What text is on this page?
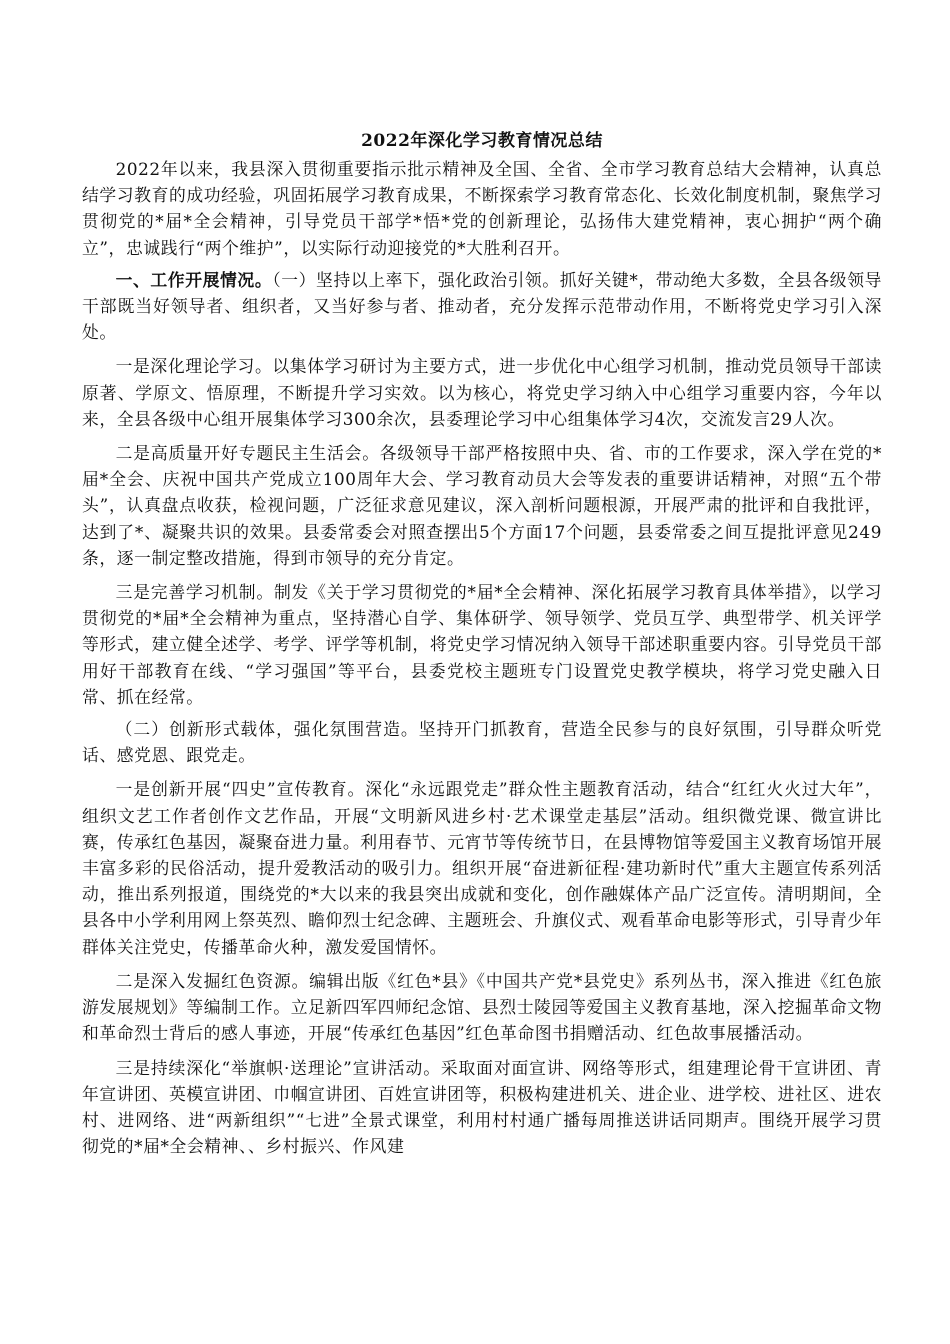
2022年深化学习教育情况总结

2022年以来，我县深入贯彻重要指示批示精神及全国、全省、全市学习教育总结大会精神，认真总结学习教育的成功经验，巩固拓展学习教育成果，不断探索学习教育常态化、长效化制度机制，聚焦学习贯彻党的*届*全会精神，引导党员干部学*悟*党的创新理论，弘扬伟大建党精神，衷心拥护“两个确立”，忠诚践行“两个维护”，以实际行动迎接党的*大胜利召开。

一、工作开展情况。（一）坚持以上率下，强化政治引领。抓好关键*，带动绝大多数，全县各级领导干部既当好领导者、组织者，又当好参与者、推动者，充分发挥示范带动作用，不断将党史学习引入深处。

一是深化理论学习。以集体学习研讨为主要方式，进一步优化中心组学习机制，推动党员领导干部读原著、学原文、悟原理，不断提升学习实效。以为核心，将党史学习纳入中心组学习重要内容，今年以来，全县各级中心组开展集体学习300余次，县委理论学习中心组集体学习4次，交流发言29人次。

二是高质量开好专题民主生活会。各级领导干部严格按照中央、省、市的工作要求，深入学在党的*届*全会、庆祝中国共产党成立100周年大会、学习教育动员大会等发表的重要讲话精神，对照“五个带头”，认真盘点收获，检视问题，广泛征求意见建议，深入剖析问题根源，开展严肃的批评和自我批评，达到了*、凝聚共识的效果。县委常委会对照查摆出5个方面17个问题，县委常委之间互提批评意见249条，逐一制定整改措施，得到市领导的充分肯定。

三是完善学习机制。制发《关于学习贯彻党的*届*全会精神、深化拓展学习教育具体举措》，以学习贯彻党的*届*全会精神为重点，坚持潜心自学、集体研学、领导领学、党员互学、典型带学、机关评学等形式，建立健全述学、考学、评学等机制，将党史学习情况纳入领导干部述职重要内容。引导党员干部用好干部教育在线、“学习强国”等平台，县委党校主题班专门设置党史教学模块，将学习党史融入日常、抓在经常。

（二）创新形式载体，强化氛围营造。坚持开门抓教育，营造全民参与的良好氛围，引导群众听党话、感党恩、跟党走。

一是创新开展“四史”宣传教育。深化“永远跟党走”群众性主题教育活动，结合“红红火火过大年”，组织文艺工作者创作文艺作品，开展“文明新风进乡村·艺术课堂走基层”活动。组织微党课、微宣讲比赛，传承红色基因，凝聚奋进力量。利用春节、元宵节等传统节日，在县博物馆等爱国主义教育场馆开展丰富多彩的民俗活动，提升爱教活动的吸引力。组织开展“奋进新征程·建功新时代”重大主题宣传系列活动，推出系列报道，围绕党的*大以来的我县突出成就和变化，创作融媒体产品广泛宣传。清明期间，全县各中小学利用网上祭英烈、瞻仰烈士纪念碑、主题班会、升旗仪式、观看革命电影等形式，引导青少年群体关注党史，传播革命火种，激发爱国情怀。

二是深入发掘红色资源。编辑出版《红色*县》《中国共产党*县党史》系列丛书，深入推进《红色旅游发展规划》等编制工作。立足新四军四师纪念馆、县烈士陵园等爱国主义教育基地，深入挖掘革命文物和革命烈士背后的感人事迹，开展“传承红色基因”红色革命图书捐赠活动、红色故事展播活动。

三是持续深化“举旗帜·送理论”宣讲活动。采取面对面宣讲、网络等形式，组建理论骨干宣讲团、青年宣讲团、英模宣讲团、巾帼宣讲团、百姓宣讲团等，积极构建进机关、进企业、进学校、进社区、进农村、进网络、进“两新组织”“七进”全景式课堂，利用村村通广播每周推送讲话同期声。围绕开展学习贯彻党的*届*全会精神、、乡村振兴、作风建
